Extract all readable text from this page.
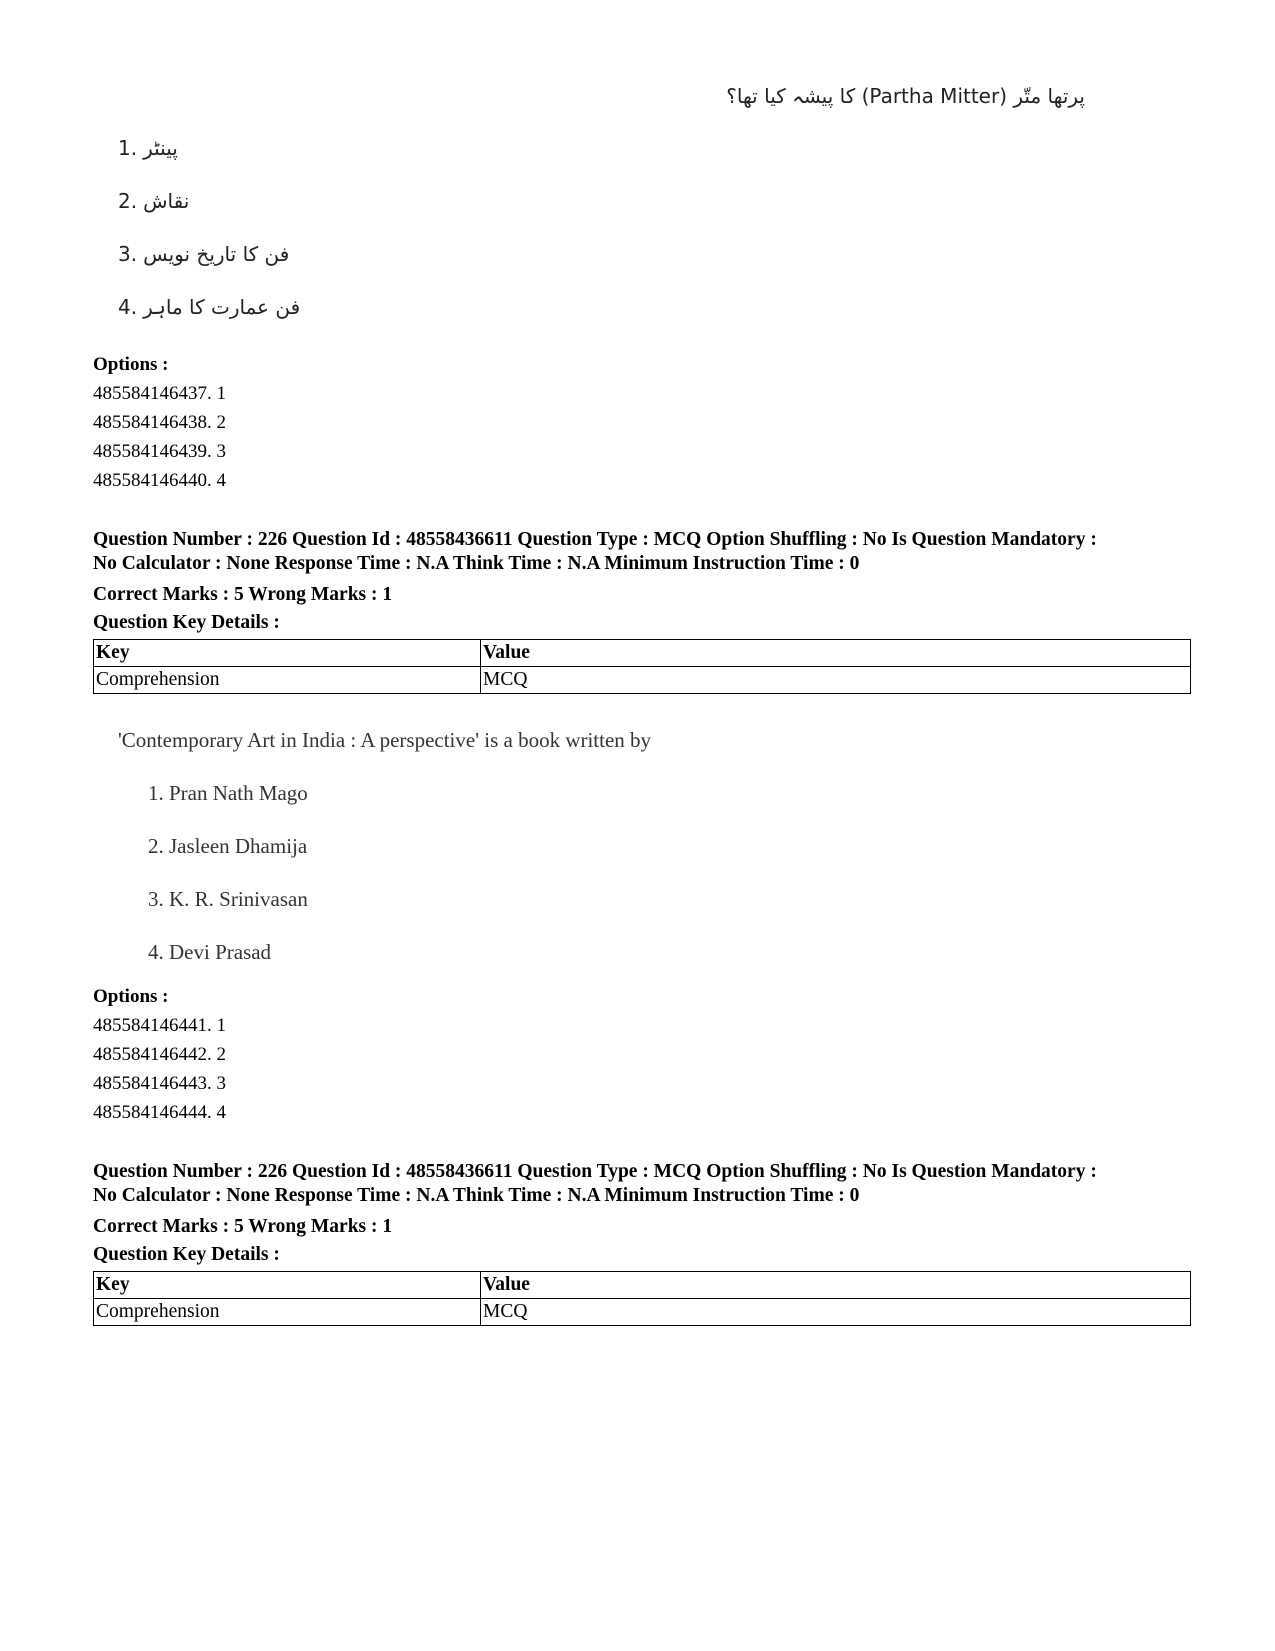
پرتھا متّر (Partha Mitter) کا پیشہ کیا تھا؟
1. پینٹر
2. نقاش
3. فن کا تاریخ نویس
4. فن عمارت کا ماہر
Options :
485584146437. 1
485584146438. 2
485584146439. 3
485584146440. 4
Question Number : 226 Question Id : 48558436611 Question Type : MCQ Option Shuffling : No Is Question Mandatory :
No Calculator : None Response Time : N.A Think Time : N.A Minimum Instruction Time : 0
Correct Marks : 5 Wrong Marks : 1
Question Key Details :
Key	Value
Comprehension	MCQ
'Contemporary Art in India : A perspective' is a book written by
1. Pran Nath Mago
2. Jasleen Dhamija
3. K. R. Srinivasan
4. Devi Prasad
Options :
485584146441. 1
485584146442. 2
485584146443. 3
485584146444. 4
Question Number : 226 Question Id : 48558436611 Question Type : MCQ Option Shuffling : No Is Question Mandatory :
No Calculator : None Response Time : N.A Think Time : N.A Minimum Instruction Time : 0
Correct Marks : 5 Wrong Marks : 1
Question Key Details :
Key	Value
Comprehension	MCQ
